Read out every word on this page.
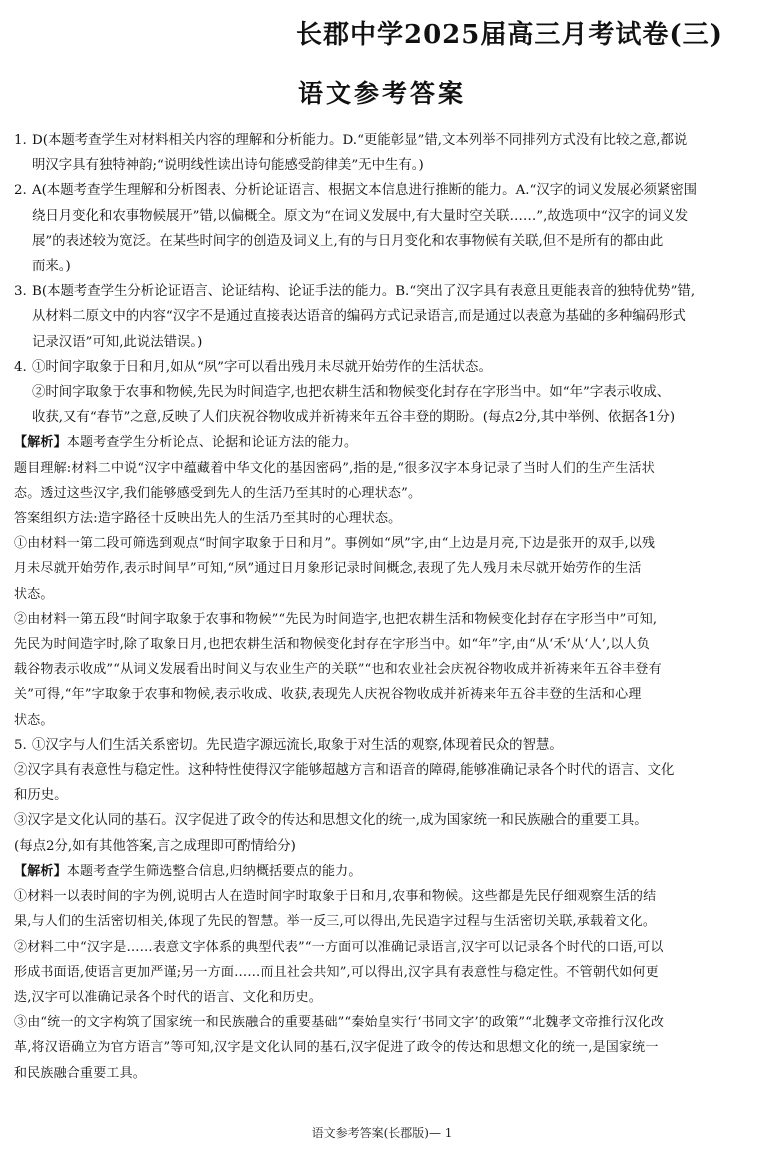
长郡中学2025届高三月考试卷(三)
语文参考答案
1. D(本题考查学生对材料相关内容的理解和分析能力。D.“更能彰显”错,文本列举不同排列方式没有比较之意,都说
明汉字具有独特神韵;“说明线性读出诗句能感受韵律美”无中生有。)
2. A(本题考查学生理解和分析图表、分析论证语言、根据文本信息进行推断的能力。A.“汉字的词义发展必须紧密围
绕日月变化和农事物候展开”错,以偏概全。原文为“在词义发展中,有大量时空关联……”,故选项中“汉字的词义发
展”的表述较为宽泛。在某些时间字的创造及词义上,有的与日月变化和农事物候有关联,但不是所有的都由此
而来。)
3. B(本题考查学生分析论证语言、论证结构、论证手法的能力。B.“突出了汉字具有表意且更能表音的独特优势”错,
从材料二原文中的内容“汉字不是通过直接表达语音的编码方式记录语言,而是通过以表意为基础的多种编码形式
记录汉语”可知,此说法错误。)
4. ①时间字取象于日和月,如从“夙”字可以看出残月未尽就开始劳作的生活状态。
②时间字取象于农事和物候,先民为时间造字,也把农耕生活和物候变化封存在字形当中。如“年”字表示收成、
收获,又有“春节”之意,反映了人们庆祝谷物收成并祈祷来年五谷丰登的期盼。(每点2分,其中举例、依据各1分)
【解析】本题考查学生分析论点、论据和论证方法的能力。
题目理解:材料二中说“汉字中蕴藏着中华文化的基因密码”,指的是,“很多汉字本身记录了当时人们的生产生活状
态。透过这些汉字,我们能够感受到先人的生活乃至其时的心理状态”。
答案组织方法:造字路径十反映出先人的生活乃至其时的心理状态。
①由材料一第二段可筛选到观点“时间字取象于日和月”。事例如“夙”字,由“上边是月亮,下边是张开的双手,以残
月未尽就开始劳作,表示时间早”可知,“夙”通过日月象形记录时间概念,表现了先人残月未尽就开始劳作的生活
状态。
②由材料一第五段“时间字取象于农事和物候”“先民为时间造字,也把农耕生活和物候变化封存在字形当中”可知,
先民为时间造字时,除了取象日月,也把农耕生活和物候变化封存在字形当中。如“年”字,由“从‘禾’从‘人’,以人负
载谷物表示收成”“从词义发展看出时间义与农业生产的关联”“也和农业社会庆祝谷物收成并祈祷来年五谷丰登有
关”可得,“年”字取象于农事和物候,表示收成、收获,表现先人庆祝谷物收成并祈祷来年五谷丰登的生活和心理
状态。
5. ①汉字与人们生活关系密切。先民造字源远流长,取象于对生活的观察,体现着民众的智慧。
②汉字具有表意性与稳定性。这种特性使得汉字能够超越方言和语音的障碍,能够准确记录各个时代的语言、文化
和历史。
③汉字是文化认同的基石。汉字促进了政令的传达和思想文化的统一,成为国家统一和民族融合的重要工具。
(每点2分,如有其他答案,言之成理即可酌情给分)
【解析】本题考查学生筛选整合信息,归纳概括要点的能力。
①材料一以表时间的字为例,说明古人在造时间字时取象于日和月,农事和物候。这些都是先民仔细观察生活的结
果,与人们的生活密切相关,体现了先民的智慧。举一反三,可以得出,先民造字过程与生活密切关联,承载着文化。
②材料二中“汉字是……表意文字体系的典型代表”“一方面可以准确记录语言,汉字可以记录各个时代的口语,可以
形成书面语,使语言更加严谨;另一方面……而且社会共知”,可以得出,汉字具有表意性与稳定性。不管朝代如何更
迭,汉字可以准确记录各个时代的语言、文化和历史。
③由“统一的文字构筑了国家统一和民族融合的重要基础”“秦始皇实行‘书同文字’的政策”“北魏孝文帝推行汉化改
革,将汉语确立为官方语言”等可知,汉字是文化认同的基石,汉字促进了政令的传达和思想文化的统一,是国家统一
和民族融合重要工具。
语文参考答案(长郡版)— 1
